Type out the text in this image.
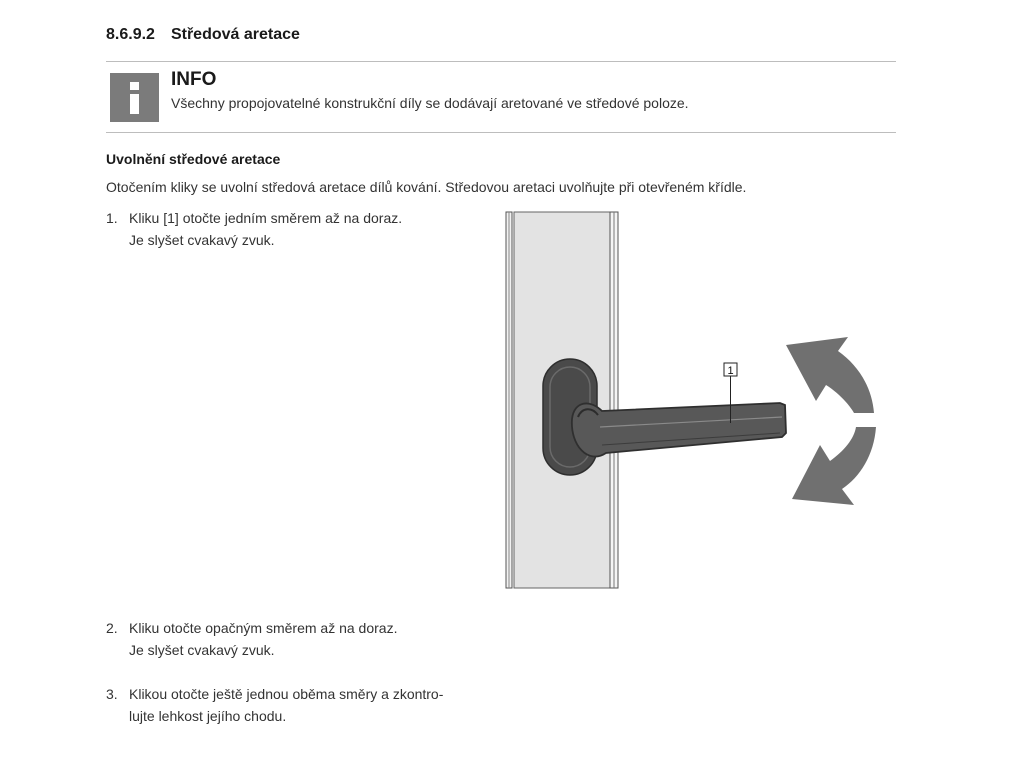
8.6.9.2 Středová aretace
INFO
Všechny propojovatelné konstrukční díly se dodávají aretované ve středové poloze.
Uvolnění středové aretace
Otočením kliky se uvolní středová aretace dílů kování. Středovou aretaci uvolňujte při otevřeném křídle.
1. Kliku [1] otočte jedním směrem až na doraz.
Je slyšet cvakavý zvuk.
2. Kliku otočte opačným směrem až na doraz.
Je slyšet cvakavý zvuk.
3. Klikou otočte ještě jednou oběma směry a zkontro-
lujte lehkost jejího chodu.
1
